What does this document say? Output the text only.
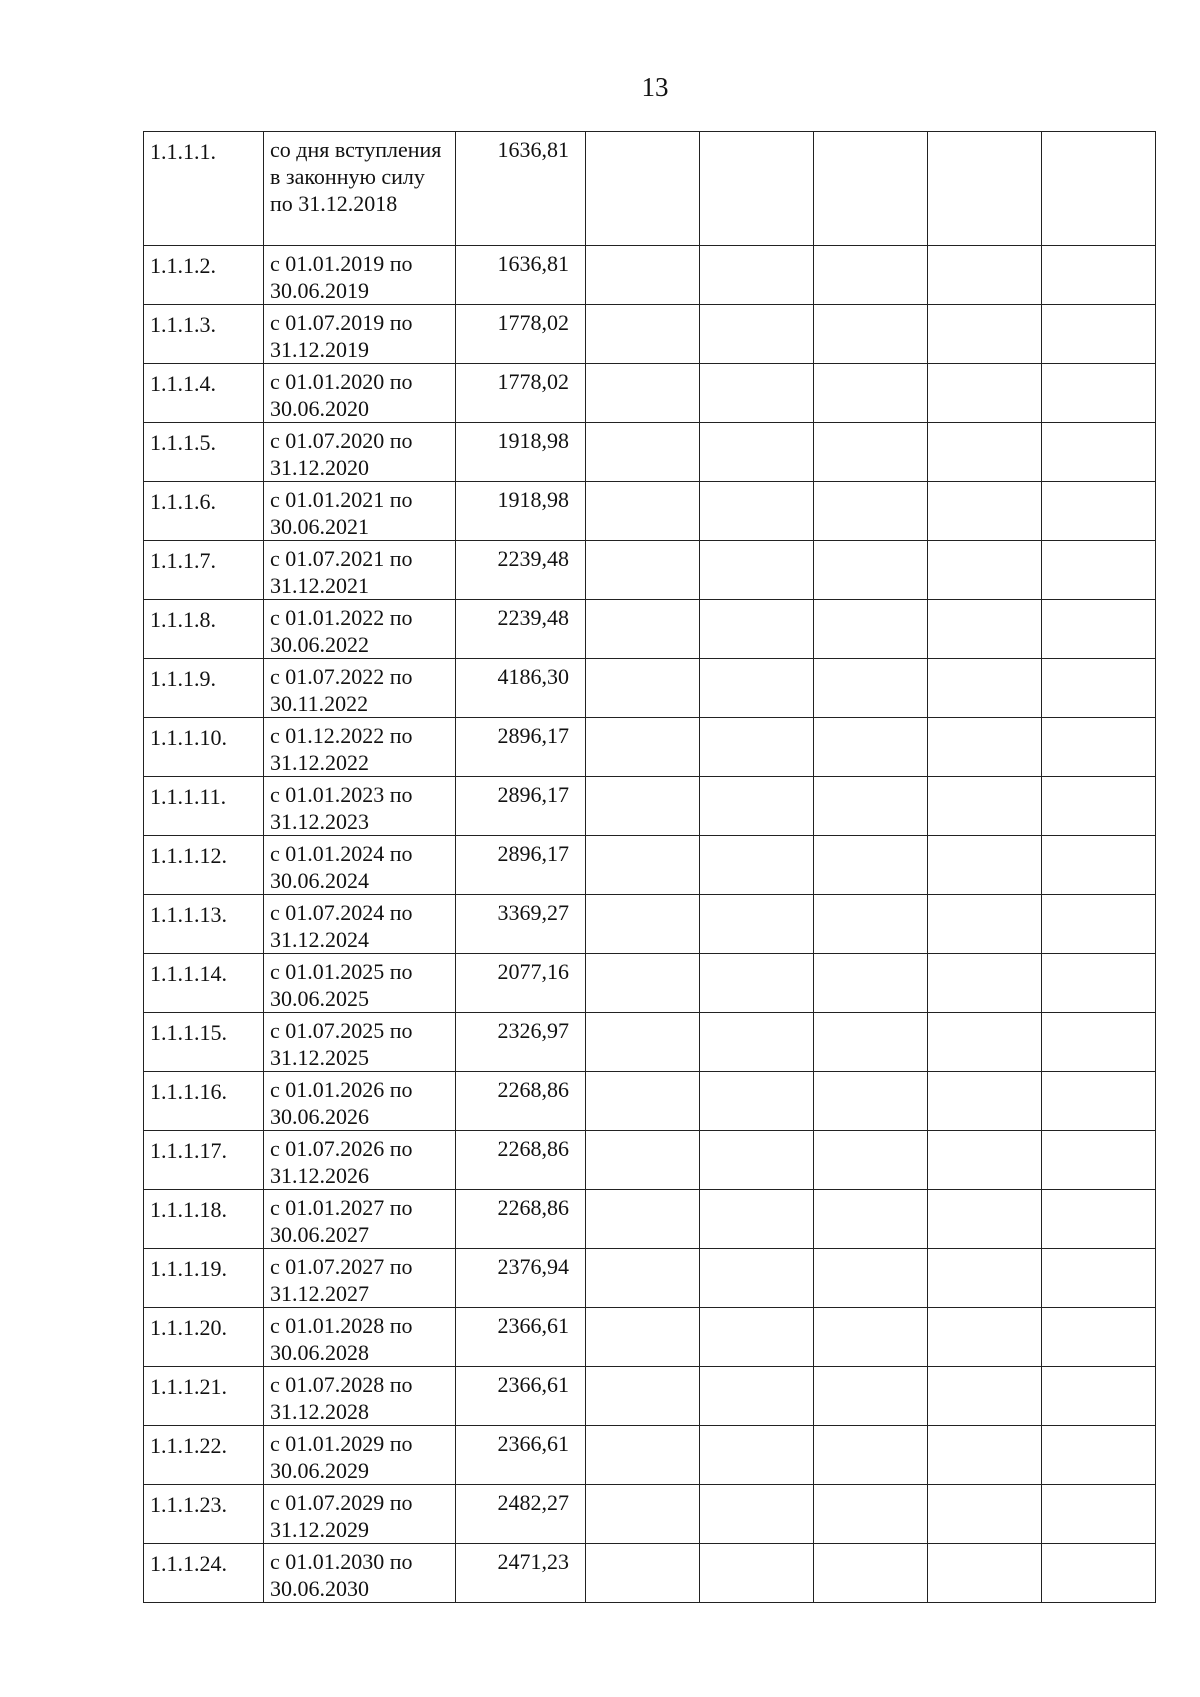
13
1.1.1.1.	со дня вступления в законную силу по 31.12.2018	1636,81					
1.1.1.2.	с 01.01.2019 по 30.06.2019	1636,81					
1.1.1.3.	с 01.07.2019 по 31.12.2019	1778,02					
1.1.1.4.	с 01.01.2020 по 30.06.2020	1778,02					
1.1.1.5.	с 01.07.2020 по 31.12.2020	1918,98					
1.1.1.6.	с 01.01.2021 по 30.06.2021	1918,98					
1.1.1.7.	с 01.07.2021 по 31.12.2021	2239,48					
1.1.1.8.	с 01.01.2022 по 30.06.2022	2239,48					
1.1.1.9.	с 01.07.2022 по 30.11.2022	4186,30					
1.1.1.10.	с 01.12.2022 по 31.12.2022	2896,17					
1.1.1.11.	с 01.01.2023 по 31.12.2023	2896,17					
1.1.1.12.	с 01.01.2024 по 30.06.2024	2896,17					
1.1.1.13.	с 01.07.2024 по 31.12.2024	3369,27					
1.1.1.14.	с 01.01.2025 по 30.06.2025	2077,16					
1.1.1.15.	с 01.07.2025 по 31.12.2025	2326,97					
1.1.1.16.	с 01.01.2026 по 30.06.2026	2268,86					
1.1.1.17.	с 01.07.2026 по 31.12.2026	2268,86					
1.1.1.18.	с 01.01.2027 по 30.06.2027	2268,86					
1.1.1.19.	с 01.07.2027 по 31.12.2027	2376,94					
1.1.1.20.	с 01.01.2028 по 30.06.2028	2366,61					
1.1.1.21.	с 01.07.2028 по 31.12.2028	2366,61					
1.1.1.22.	с 01.01.2029 по 30.06.2029	2366,61					
1.1.1.23.	с 01.07.2029 по 31.12.2029	2482,27					
1.1.1.24.	с 01.01.2030 по 30.06.2030	2471,23					
